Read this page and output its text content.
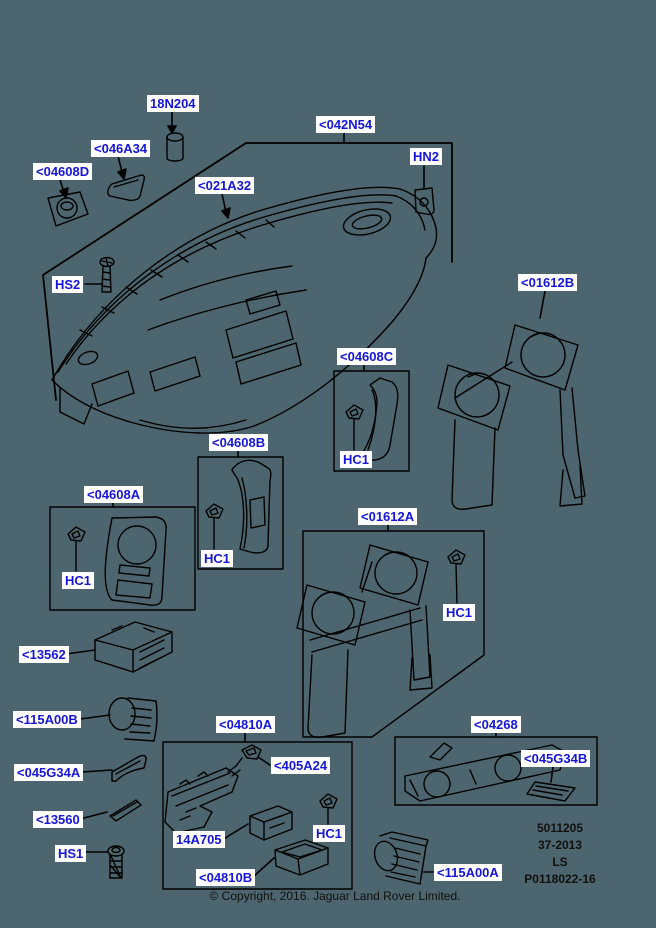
18N204
<046A34
<04608D
<042N54
<021A32
HN2
HS2	<01612B
<04608C
HC1
<04608B
HC1
<04608A
HC1
<01612A
HC1
<13562
<115A00B
<045G34A
<13560
HS1
<04810A
<405A24
14A705	HC1
<04810B
<04268
<045G34B
<115A00A
5011205
37-2013
LS
P0118022-16
© Copyright, 2016. Jaguar Land Rover Limited.
